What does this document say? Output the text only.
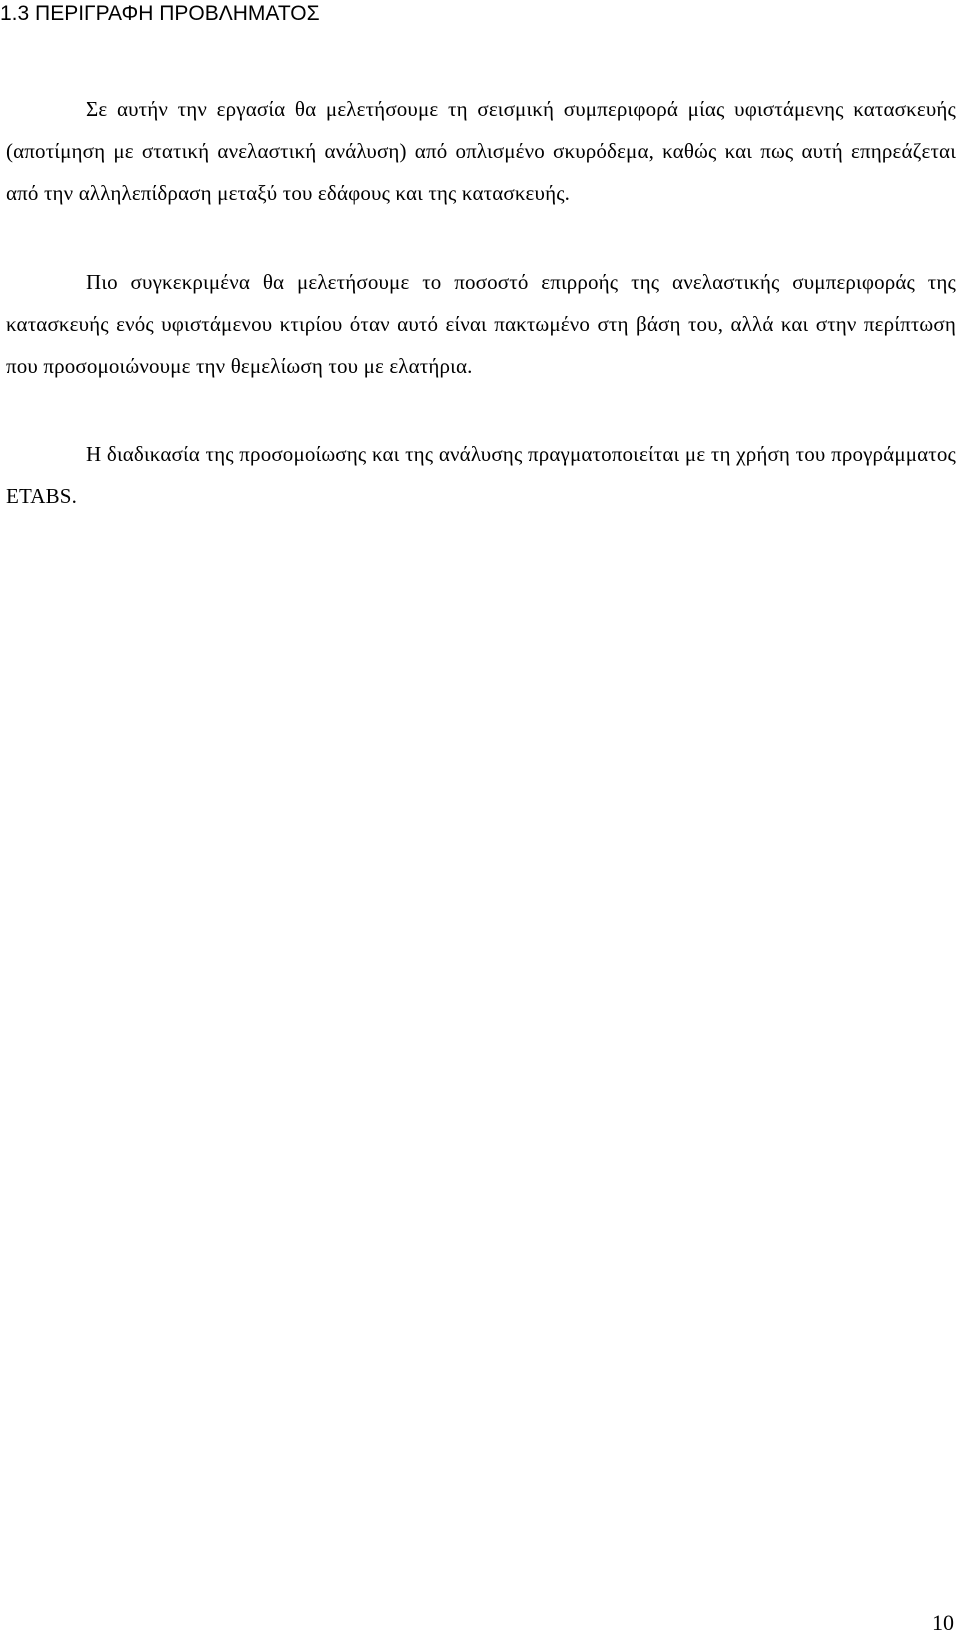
1.3 ΠΕΡΙΓΡΑΦΗ ΠΡΟΒΛΗΜΑΤΟΣ

Σε αυτήν την εργασία θα μελετήσουμε τη σεισμική συμπεριφορά μίας υφιστάμενης κατασκευής (αποτίμηση με στατική ανελαστική ανάλυση) από οπλισμένο σκυρόδεμα, καθώς και πως αυτή επηρεάζεται από την αλληλεπίδραση μεταξύ του εδάφους και της κατασκευής.

Πιο συγκεκριμένα θα μελετήσουμε το ποσοστό επιρροής της ανελαστικής συμπεριφοράς της κατασκευής ενός υφιστάμενου κτιρίου όταν αυτό είναι πακτωμένο στη βάση του, αλλά και στην περίπτωση που προσομοιώνουμε την θεμελίωση του με ελατήρια.

Η διαδικασία της προσομοίωσης και της ανάλυσης πραγματοποιείται με τη χρήση του προγράμματος ETABS.

10
